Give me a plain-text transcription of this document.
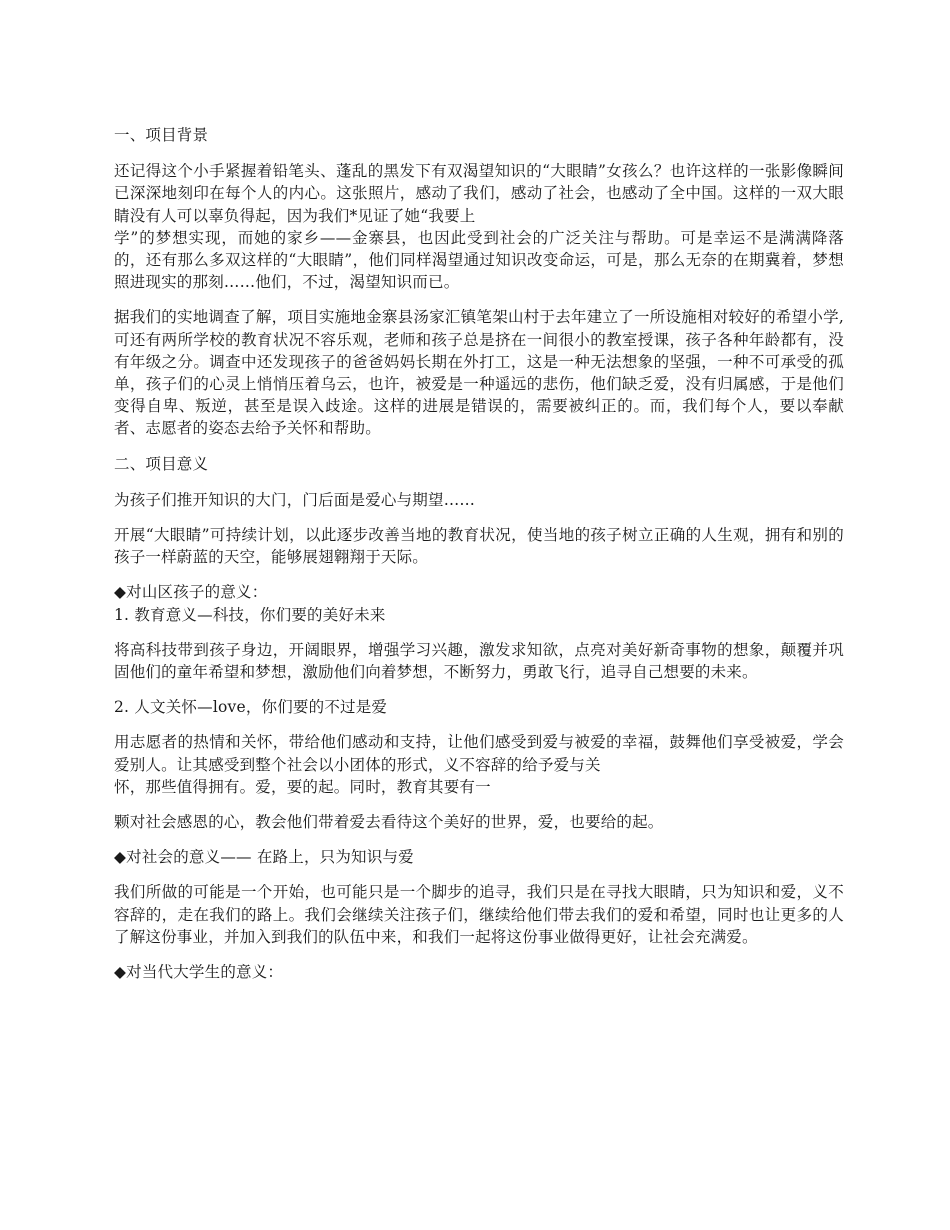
一、项目背景

还记得这个小手紧握着铅笔头、蓬乱的黑发下有双渴望知识的“大眼睛”女孩么？也许这样的一张影像瞬间已深深地刻印在每个人的内心。这张照片，感动了我们，感动了社会，也感动了全中国。这样的一双大眼睛没有人可以辜负得起，因为我们*见证了她“我要上
学”的梦想实现，而她的家乡——金寨县，也因此受到社会的广泛关注与帮助。可是幸运不是满满降落的，还有那么多双这样的“大眼睛”，他们同样渴望通过知识改变命运，可是，那么无奈的在期冀着，梦想照进现实的那刻……他们，不过，渴望知识而已。

据我们的实地调查了解，项目实施地金寨县汤家汇镇笔架山村于去年建立了一所设施相对较好的希望小学,可还有两所学校的教育状况不容乐观，老师和孩子总是挤在一间很小的教室授课，孩子各种年龄都有，没有年级之分。调查中还发现孩子的爸爸妈妈长期在外打工，这是一种无法想象的坚强，一种不可承受的孤单，孩子们的心灵上悄悄压着乌云，也许，被爱是一种遥远的悲伤，他们缺乏爱，没有归属感，于是他们变得自卑、叛逆，甚至是误入歧途。这样的进展是错误的，需要被纠正的。而，我们每个人，要以奉献者、志愿者的姿态去给予关怀和帮助。

二、项目意义

为孩子们推开知识的大门，门后面是爱心与期望……

开展“大眼睛”可持续计划，以此逐步改善当地的教育状况，使当地的孩子树立正确的人生观，拥有和别的孩子一样蔚蓝的天空，能够展翅翱翔于天际。

◆对山区孩子的意义：

1. 教育意义—科技，你们要的美好未来

将高科技带到孩子身边，开阔眼界，增强学习兴趣，激发求知欲，点亮对美好新奇事物的想象，颠覆并巩固他们的童年希望和梦想，激励他们向着梦想，不断努力，勇敢飞行，追寻自己想要的未来。

2. 人文关怀—love，你们要的不过是爱

用志愿者的热情和关怀，带给他们感动和支持，让他们感受到爱与被爱的幸福，鼓舞他们享受被爱，学会爱别人。让其感受到整个社会以小团体的形式，义不容辞的给予爱与关
怀，那些值得拥有。爱，要的起。同时，教育其要有一

颗对社会感恩的心，教会他们带着爱去看待这个美好的世界，爱，也要给的起。

◆对社会的意义—— 在路上，只为知识与爱

我们所做的可能是一个开始，也可能只是一个脚步的追寻，我们只是在寻找大眼睛，只为知识和爱，义不容辞的，走在我们的路上。我们会继续关注孩子们，继续给他们带去我们的爱和希望，同时也让更多的人了解这份事业，并加入到我们的队伍中来，和我们一起将这份事业做得更好，让社会充满爱。

◆对当代大学生的意义：
